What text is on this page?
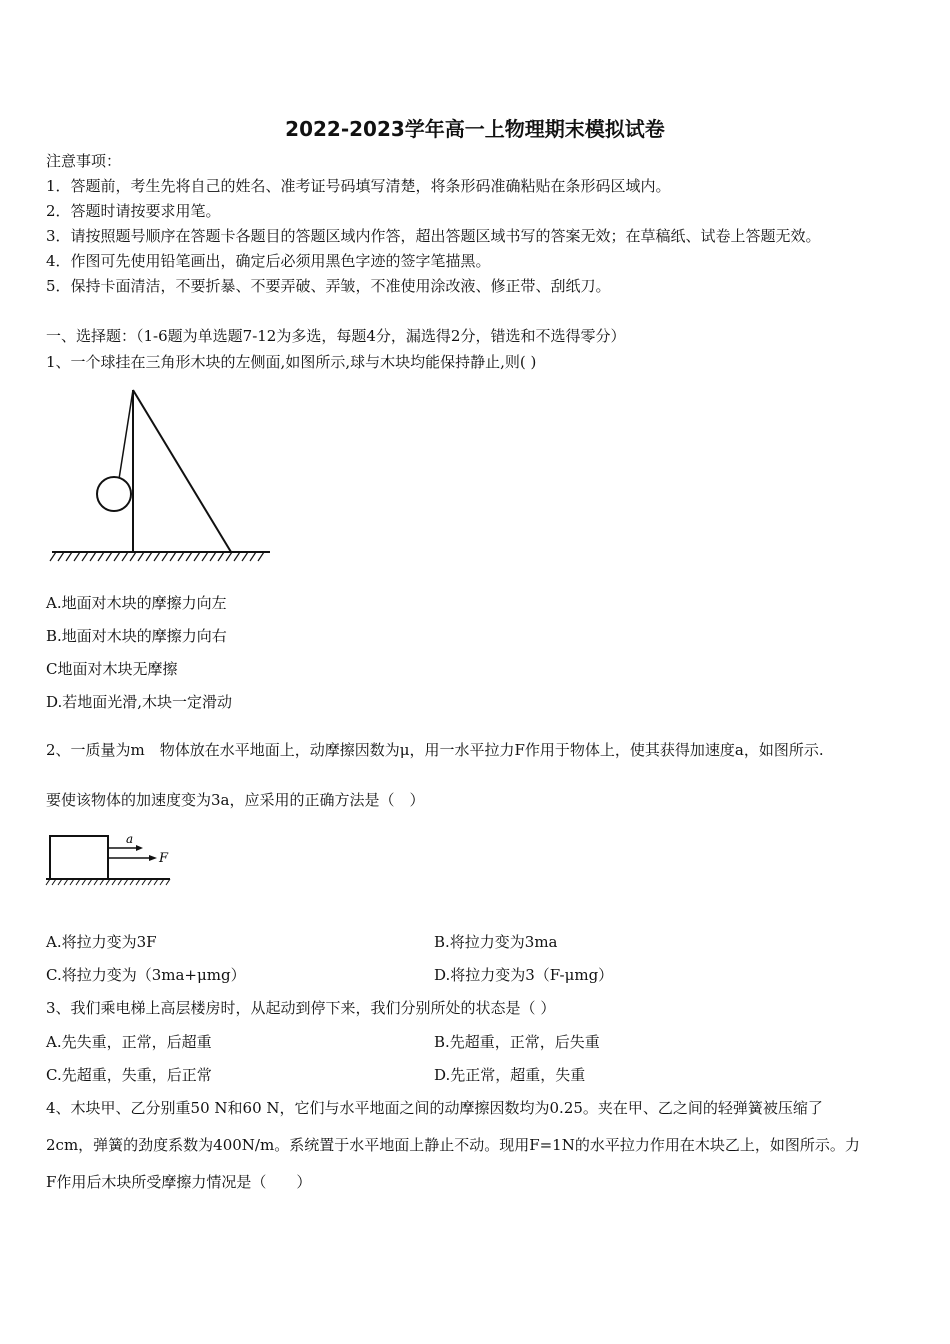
2022-2023学年高一上物理期末模拟试卷
注意事项：
1．答题前，考生先将自己的姓名、准考证号码填写清楚，将条形码准确粘贴在条形码区域内。
2．答题时请按要求用笔。
3．请按照题号顺序在答题卡各题目的答题区域内作答，超出答题区域书写的答案无效；在草稿纸、试卷上答题无效。
4．作图可先使用铅笔画出，确定后必须用黑色字迹的签字笔描黑。
5．保持卡面清洁，不要折暴、不要弄破、弄皱，不准使用涂改液、修正带、刮纸刀。
一、选择题：（1-6题为单选题7-12为多选，每题4分，漏选得2分，错选和不选得零分）
1、一个球挂在三角形木块的左侧面,如图所示,球与木块均能保持静止,则( )
A.地面对木块的摩擦力向左
B.地面对木块的摩擦力向右
C地面对木块无摩擦
D.若地面光滑,木块一定滑动
2、一质量为m　物体放在水平地面上，动摩擦因数为μ，用一水平拉力F作用于物体上，使其获得加速度a，如图所示.
要使该物体的加速度变为3a，应采用的正确方法是（　）
a
F
A.将拉力变为3F	B.将拉力变为3ma
C.将拉力变为（3ma+μmg）	D.将拉力变为3（F-μmg）
3、我们乘电梯上高层楼房时，从起动到停下来，我们分别所处的状态是（ ）
A.先失重，正常，后超重	B.先超重，正常，后失重
C.先超重，失重，后正常	D.先正常，超重，失重
4、木块甲、乙分别重50 N和60 N，它们与水平地面之间的动摩擦因数均为0.25。夹在甲、乙之间的轻弹簧被压缩了
2cm，弹簧的劲度系数为400N/m。系统置于水平地面上静止不动。现用F=1N的水平拉力作用在木块乙上，如图所示。力
F作用后木块所受摩擦力情况是（　　）
